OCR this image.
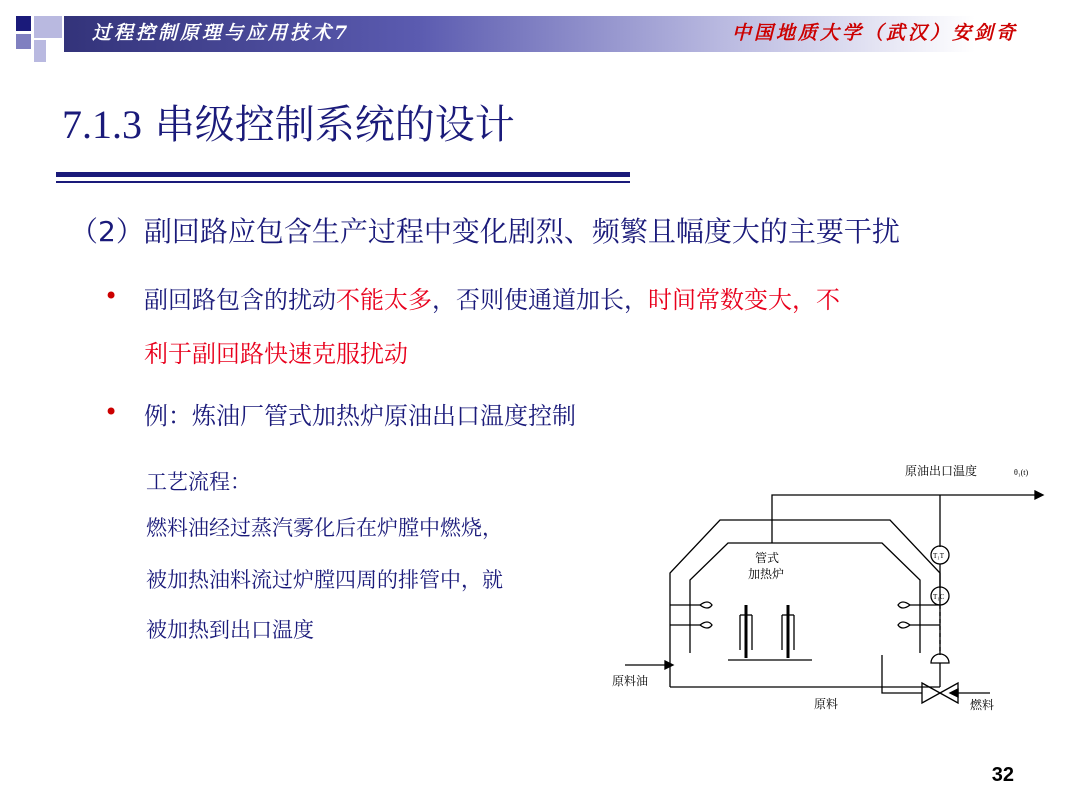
过程控制原理与应用技术7	中国地质大学（武汉）安剑奇
7.1.3 串级控制系统的设计
（2）副回路应包含生产过程中变化剧烈、频繁且幅度大的主要干扰
• 副回路包含的扰动不能太多，否则使通道加长，时间常数变大，不
利于副回路快速克服扰动
• 例：炼油厂管式加热炉原油出口温度控制
工艺流程：
燃料油经过蒸汽雾化后在炉膛中燃烧，
被加热油料流过炉膛四周的排管中，就
被加热到出口温度
原油出口温度	θ₁(t)
管式
加热炉
T₁T
T₁C
原料油
原料	燃料
32
